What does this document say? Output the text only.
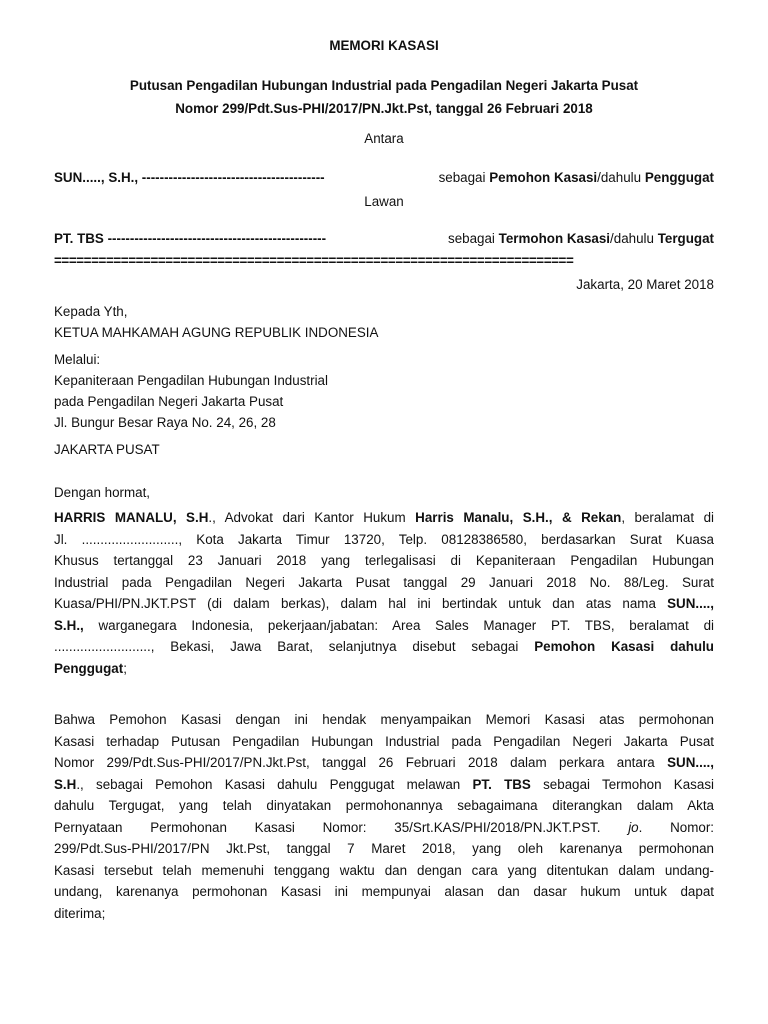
MEMORI KASASI
Putusan Pengadilan Hubungan Industrial pada Pengadilan Negeri Jakarta Pusat
Nomor 299/Pdt.Sus-PHI/2017/PN.Jkt.Pst, tanggal 26 Februari 2018
Antara
SUN....., S.H., -----------------------------------------	sebagai Pemohon Kasasi/dahulu Penggugat
Lawan
PT. TBS -------------------------------------------------	sebagai Termohon Kasasi/dahulu Tergugat
======================================================================
Jakarta, 20 Maret 2018
Kepada Yth,
KETUA MAHKAMAH AGUNG REPUBLIK INDONESIA
Melalui:
Kepaniteraan Pengadilan Hubungan Industrial
pada Pengadilan Negeri Jakarta Pusat
Jl. Bungur Besar Raya No. 24, 26, 28
JAKARTA PUSAT
Dengan hormat,
HARRIS MANALU, S.H., Advokat dari Kantor Hukum Harris Manalu, S.H., & Rekan, beralamat di
Jl. .........................., Kota Jakarta Timur 13720, Telp. 08128386580, berdasarkan Surat Kuasa
Khusus tertanggal 23 Januari 2018 yang terlegalisasi di Kepaniteraan Pengadilan Hubungan
Industrial pada Pengadilan Negeri Jakarta Pusat tanggal 29 Januari 2018 No. 88/Leg. Surat
Kuasa/PHI/PN.JKT.PST (di dalam berkas), dalam hal ini bertindak untuk dan atas nama SUN....,
S.H., warganegara Indonesia, pekerjaan/jabatan: Area Sales Manager PT. TBS, beralamat di
.........................., Bekasi, Jawa Barat, selanjutnya disebut sebagai Pemohon Kasasi dahulu
Penggugat;
Bahwa Pemohon Kasasi dengan ini hendak menyampaikan Memori Kasasi atas permohonan
Kasasi terhadap Putusan Pengadilan Hubungan Industrial pada Pengadilan Negeri Jakarta Pusat
Nomor 299/Pdt.Sus-PHI/2017/PN.Jkt.Pst, tanggal 26 Februari 2018 dalam perkara antara SUN....,
S.H., sebagai Pemohon Kasasi dahulu Penggugat melawan PT. TBS sebagai Termohon Kasasi
dahulu Tergugat, yang telah dinyatakan permohonannya sebagaimana diterangkan dalam Akta
Pernyataan Permohonan Kasasi Nomor: 35/Srt.KAS/PHI/2018/PN.JKT.PST. jo. Nomor:
299/Pdt.Sus-PHI/2017/PN Jkt.Pst, tanggal 7 Maret 2018, yang oleh karenanya permohonan
Kasasi tersebut telah memenuhi tenggang waktu dan dengan cara yang ditentukan dalam undang-
undang, karenanya permohonan Kasasi ini mempunyai alasan dan dasar hukum untuk dapat
diterima;
